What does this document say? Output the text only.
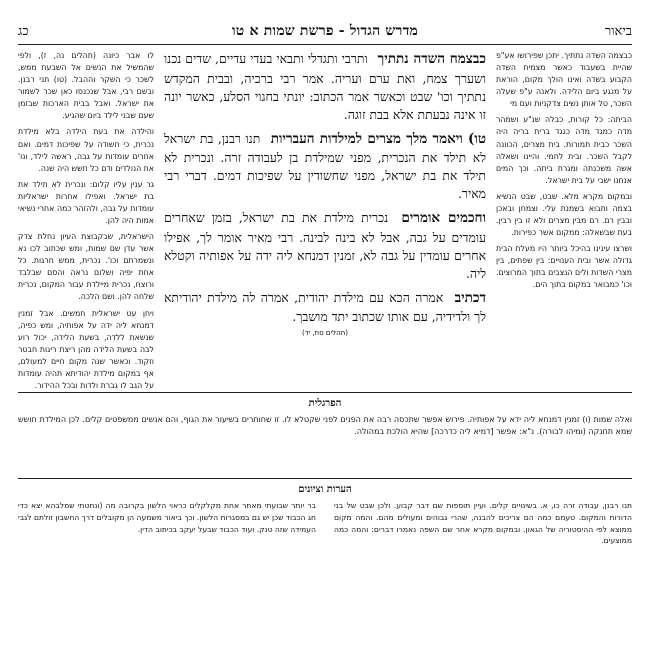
ביאור
מדרש הגדול - פרשת שמות א טו
כג

כבצמה השדה נתתיך. יתכן שפירושו אע"פ שהיית בשעבוד כאשר מצמיח השדה הקבוע בשדה ואינו הולך מקום, הוראת על מנגע ביום הלידה. ולאנה ע"פ שעלה השכר, טל אותן נשים צדקניות ועם מי

הביתה: כל קורות, כבלה שנ"ע ושמהר מדה כמגד מדה כנגד ברית בריה היה השכר כבית תמורות. בית מצרים, הכוונה לקבל השכר. ובית לחמי. והיינו ושאלה אשה משכנתה ומגרת ביתה. וכך המים אנחנו ישבי על בית ישראל.

ובמקום מקרא מלא. שבט, שבט הנשיא בצמה ותבוא בשמנת עלי. וצמחן ובאכן ובבין רם. רם מבין מצרים ולא זו בין רבין. בעת שבשאלה: ממקום אשר כפירות.

ושרצו עינינו בהיכל ביותר היו מעלת הבית גדולה אשר ובית הענויים: בין שפתים, בין מצרי השדות ולים הנצבים בתוך המרוצים. וכו' כמבואר במקום בתוך הים.

כבצמח השדה נתתיך ותרבי ותגדלי ותבאי בעדי עדיים, שדים נכנו ושערך צמח, ואת ערם ועריה. אמר רבי ברכיה, ובבית המקדש נתתיך וכו' שבט וכאשר אמר הכתוב: יונתי בחגוי הסלע, כאשר יונה זו אינה נבעתת אלא בבת זוגה.

טו) ויאמר מלך מצרים למילדות העבריות תנו רבנן, בת ישראל לא תילד את הנכרית, מפני שמילדת בן לעבודה זרה. ונכרית לא תילד את בת ישראל, מפני שחשודין על שפיכות דמים. דברי רבי מאיר.

וחכמים אומרים נכרית מילדת את בת ישראל, בזמן שאחרים עומדים על גבה, אבל לא בינה לבינה. רבי מאיר אומר לך, אפילו אחרים עומדין על גבה לא, זמנין דמנחא ליה ידה על אפותיה וקטלא ליה.

דכתיב אמרה הכא עם מילדת יהודית, אמרה לה מילדת יהודיתא לך ולדידיה, עם אותו שכתוב יתד מושבך.
(תהלים סח, יד)

לו אבר כיונה (תהלים נה, ז), ולפי שהמשיל את הנשים אל השבעת ממש, לשכר כי השקר וההבל. (טו) תני רבנן. ובשם רבי, אבל שנכנסו כאן שכר לשמור את ישראל. ואבל בבית הארכות שבזמן שעם שבני לילד ביום שהגיע.

והילדה את בעת הילדה בלא מילדת נכרית, כי חשודה על שפיכות דמים. ואם אחרים עומדות על גבה, ראשה לילד, ונו' את הנולדים ודם כל חשש היה שנה.

גר ענין עליו קלום: ונכרית לא תילד את בת ישראל. ואפילו אחרות ישראליות עומדות על גבה, ולהזהר כמה אחרי נשיאי אמות היה להן.

הישראלית, שבקבוצת העיון נחלת צדק אשר עדן שם שמות, ומש שכתוב לכו נא ונשמרתם וכו'. נכרית, ממש חרגות. כל אחת יפיה ושלום נראה והסם שבלבד ורוצח, נכרית מיילדת עבור המקום, נכרית שלחה להן. ושם הלכה.

ויחן עט ישראלית חמשים. אבל זמנין דמנחא ליה ידה על אפותיה, ומש כפיה, שנשאת ללדה, בשעת הלידה, יכול רוע לבה בשעת הלידה מהן ריצת ריגות חבטר וזקוד. וכאשר שנה מקום חיים למעולם, אף במקום מילדת יהודיתא תהיה עומדות על הגב לו גברת ולדות ובכל ההידור.

הפרגלית
ואלה שמות (ו) זמנין דמנחא ליה ידא על אפותיה. פירוש אפשר שתכסה רבה את הפנים לפני שקטלא לו. זו שחותרים בשיעור את הגוף, והם אנשים ממשפטים קלים. לכן המילדת חושש שמא תחנקה (ומיהו לבורה). נ"א: אפשר [דמיא ליה כדרכה] שהיא הולכת במהולה.
הערות וציונים
תנו רבנן, עבודה זרה כו, א. בשינויים קלים. ועיין תוספות שם דבר קבוע. ולכן שבט של בני הדורות והמקום. טעמם כמה הם צריכים להבנה, שהרי גבוהים ומעולים מהם. והמה מקום ממוצא לפי ההיסטוריה של הגאון. ובמקום מקרא אחר שם השפה נאמרו דברים: והמה כמה ממוצעים.
בר יותר שבועתי מאחר אחת מקלקלים כראוי הלשון בקרובה מה (ונחטתי שמלבהא יצא כדי חג הכבוד שכן יש גם במסגרות הלשון. וכך ביאור משמעה הן מקובלים דרך החשבון זולתם לגבי העמידה שזה טנק. ועוד הכבוד שבעל יעקב בכיתוב הדין.
